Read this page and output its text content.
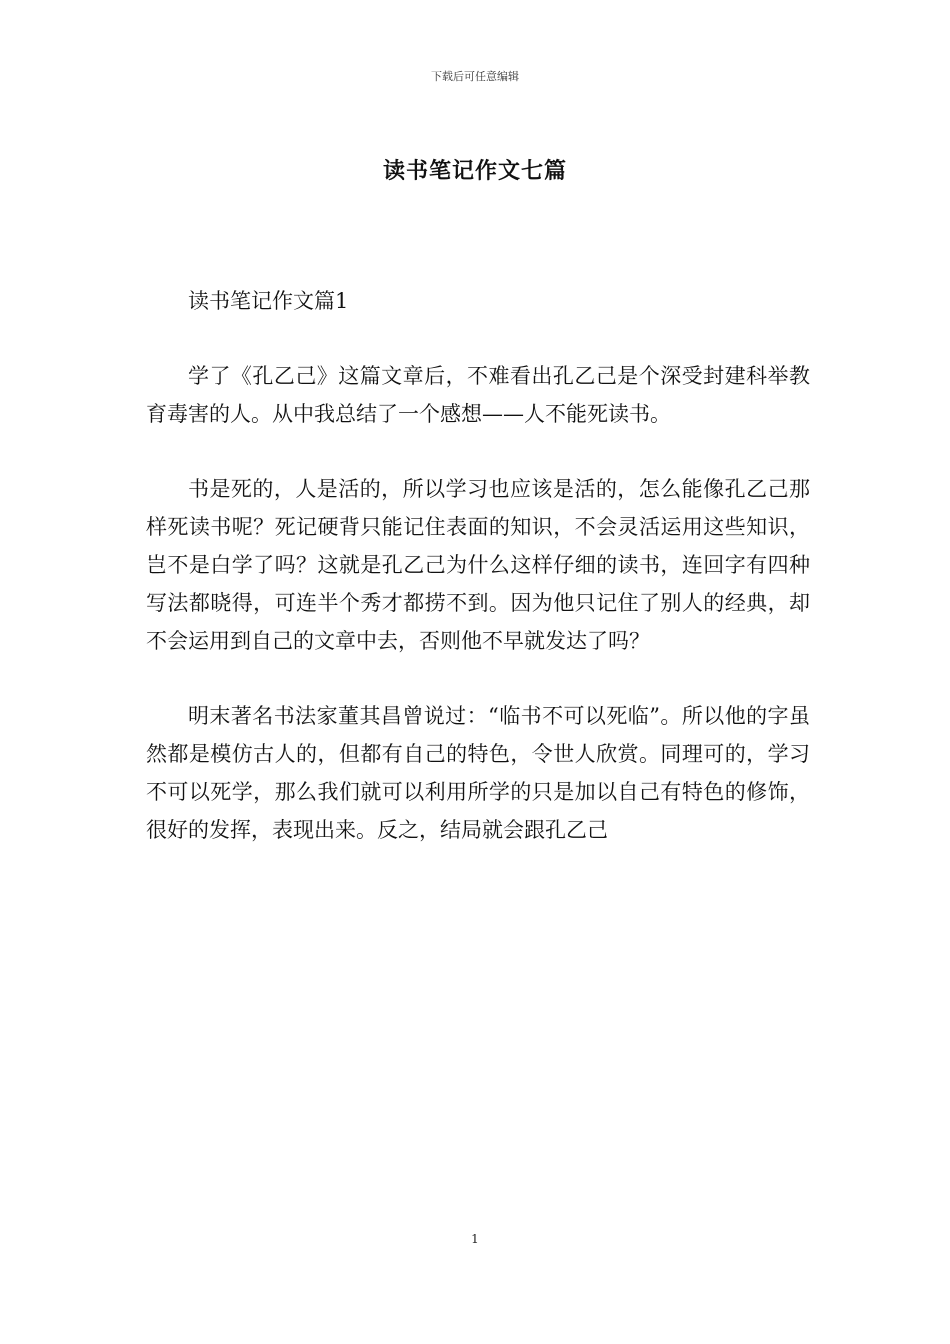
下载后可任意编辑
读书笔记作文七篇

读书笔记作文篇1

学了《孔乙己》这篇文章后，不难看出孔乙己是个深受封建科举教育毒害的人。从中我总结了一个感想——人不能死读书。

书是死的，人是活的，所以学习也应该是活的，怎么能像孔乙己那样死读书呢？死记硬背只能记住表面的知识，不会灵活运用这些知识，岂不是白学了吗？这就是孔乙己为什么这样仔细的读书，连回字有四种写法都晓得，可连半个秀才都捞不到。因为他只记住了别人的经典，却不会运用到自己的文章中去，否则他不早就发达了吗？

明末著名书法家董其昌曾说过：“临书不可以死临”。所以他的字虽然都是模仿古人的，但都有自己的特色，令世人欣赏。同理可的，学习不可以死学，那么我们就可以利用所学的只是加以自己有特色的修饰，很好的发挥，表现出来。反之，结局就会跟孔乙己

1
